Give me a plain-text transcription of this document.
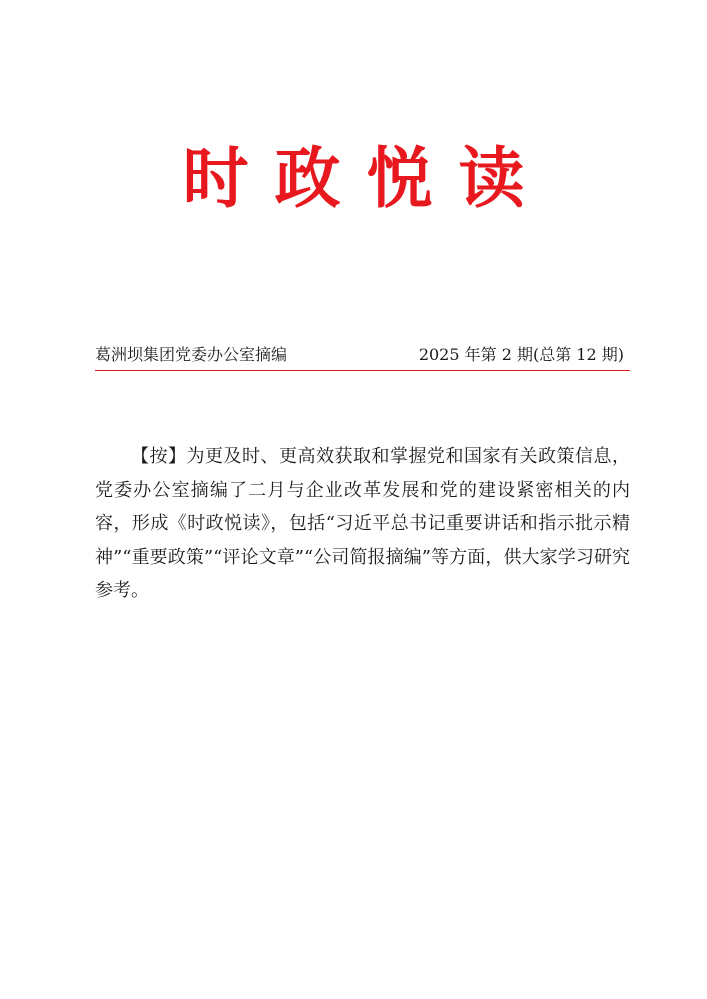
时政悦读
葛洲坝集团党委办公室摘编	2025 年第 2 期(总第 12 期)

【按】为更及时、更高效获取和掌握党和国家有关政策信息，党委办公室摘编了二月与企业改革发展和党的建设紧密相关的内容，形成《时政悦读》，包括“习近平总书记重要讲话和指示批示精神”“重要政策”“评论文章”“公司简报摘编”等方面，供大家学习研究参考。
